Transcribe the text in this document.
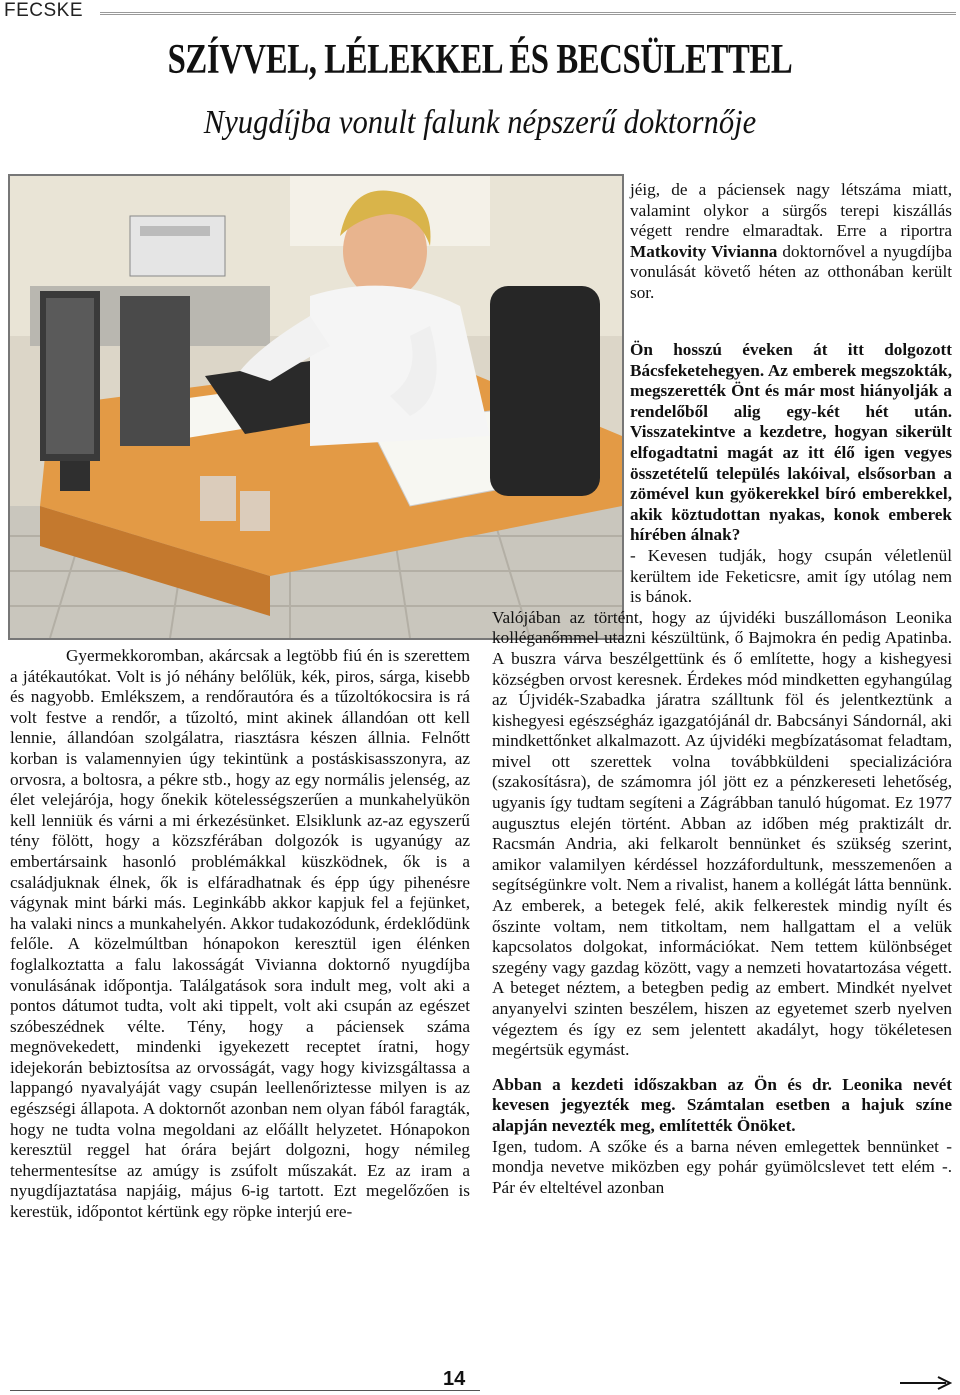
FECSKE
SZÍVVEL, LÉLEKKEL ÉS BECSÜLETTEL
Nyugdíjba vonult falunk népszerű doktornője

Gyermekkoromban, akárcsak a legtöbb fiú én is szerettem a játékautókat. Volt is jó néhány belőlük, kék, piros, sárga, kisebb és nagyobb. Emlékszem, a rendőrautóra és a tűzoltókocsira is rá volt festve a rendőr, a tűzoltó, mint akinek állandóan ott kell lennie, állandóan szolgálatra, riasztásra készen állnia. Felnőtt korban is valamennyien úgy tekintünk a postáskisasszonyra, az orvosra, a boltosra, a pékre stb., hogy az egy normális jelenség, az élet velejárója, hogy őnekik kötelességszerűen a munkahelyükön kell lenniük és várni a mi érkezésünket. Elsiklunk az-az egyszerű tény fölött, hogy a közszférában dolgozók is ugyanúgy az embertársaink hasonló problémákkal küszködnek, ők is a családjuknak élnek, ők is elfáradhatnak és épp úgy pihenésre vágynak mint bárki más. Leginkább akkor kapjuk fel a fejünket, ha valaki nincs a munkahelyén. Akkor tudakozódunk, érdeklődünk felőle. A közelmúltban hónapokon keresztül igen élénken foglalkoztatta a falu lakosságát Vivianna doktornő nyugdíjba vonulásának időpontja. Találgatások sora indult meg, volt aki a pontos dátumot tudta, volt aki tippelt, volt aki csupán az egészet szóbeszédnek vélte. Tény, hogy a páciensek száma megnövekedett, mindenki igyekezett receptet íratni, hogy idejekorán bebiztosítsa az orvosságát, vagy hogy kivizsgáltassa a lappangó nyavalyáját vagy csupán leellenőriztesse milyen is az egészségi állapota. A doktornőt azonban nem olyan fából faragták, hogy ne tudta volna megoldani az előállt helyzetet. Hónapokon keresztül reggel hat órára bejárt dolgozni, hogy némileg tehermentesítse az amúgy is zsúfolt műszakát. Ez az iram a nyugdíjaztatása napjáig, május 6-ig tartott. Ezt megelőzően is kerestük, időpontot kértünk egy röpke interjú ere-

jéig, de a páciensek nagy létszáma miatt, valamint olykor a sürgős terepi kiszállás végett rendre elmaradtak. Erre a riportra Matkovity Vivianna doktornővel a nyugdíjba vonulását követő héten az otthonában került sor.

Ön hosszú éveken át itt dolgozott Bácsfeketehegyen. Az emberek megszokták, megszerették Önt és már most hiányolják a rendelőből alig egy-két hét után. Visszatekintve a kezdetre, hogyan sikerült elfogadtatni magát az itt élő igen vegyes összetételű település lakóival, elsősorban a zömével kun gyökerekkel bíró emberekkel, akik köztudottan nyakas, konok emberek hírében álnak?

- Kevesen tudják, hogy csupán véletlenül kerültem ide Feketicsre, amit így utólag nem is bánok.

Valójában az történt, hogy az újvidéki buszállomáson Leonika kolléganőmmel utazni készültünk, ő Bajmokra én pedig Apatinba. A buszra várva beszélgettünk és ő említette, hogy a kishegyesi községben orvost keresnek. Érdekes mód mindketten egyhangúlag az Újvidék-Szabadka járatra szálltunk föl és jelentkeztünk a kishegyesi egészségház igazgatójánál dr. Babcsányi Sándornál, aki mindkettőnket alkalmazott. Az újvidéki megbízatásomat feladtam, mivel ott szerettek volna továbbküldeni specializációra (szakosításra), de számomra jól jött ez a pénzkereseti lehetőség, ugyanis így tudtam segíteni a Zágrábban tanuló húgomat. Ez 1977 augusztus elején történt. Abban az időben még praktizált dr. Racsmán Andria, aki felkarolt bennünket és szükség szerint, amikor valamilyen kérdéssel hozzáfordultunk, messzemenően a segítségünkre volt. Nem a rivalist, hanem a kollégát látta bennünk. Az emberek, a betegek felé, akik felkerestek mindig nyílt és őszinte voltam, nem titkoltam, nem hallgattam el a velük kapcsolatos dolgokat, információkat. Nem tettem különbséget szegény vagy gazdag között, vagy a nemzeti hovatartozása végett. A beteget néztem, a betegben pedig az embert. Mindkét nyelvet anyanyelvi szinten beszélem, hiszen az egyetemet szerb nyelven végeztem és így ez sem jelentett akadályt, hogy tökéletesen megértsük egymást.

Abban a kezdeti időszakban az Ön és dr. Leonika nevét kevesen jegyezték meg. Számtalan esetben a hajuk színe alapján nevezték meg, említették Önöket.

Igen, tudom. A szőke és a barna néven emlegettek bennünket - mondja nevetve miközben egy pohár gyümölcslevet tett elém -. Pár év elteltével azonban

14
